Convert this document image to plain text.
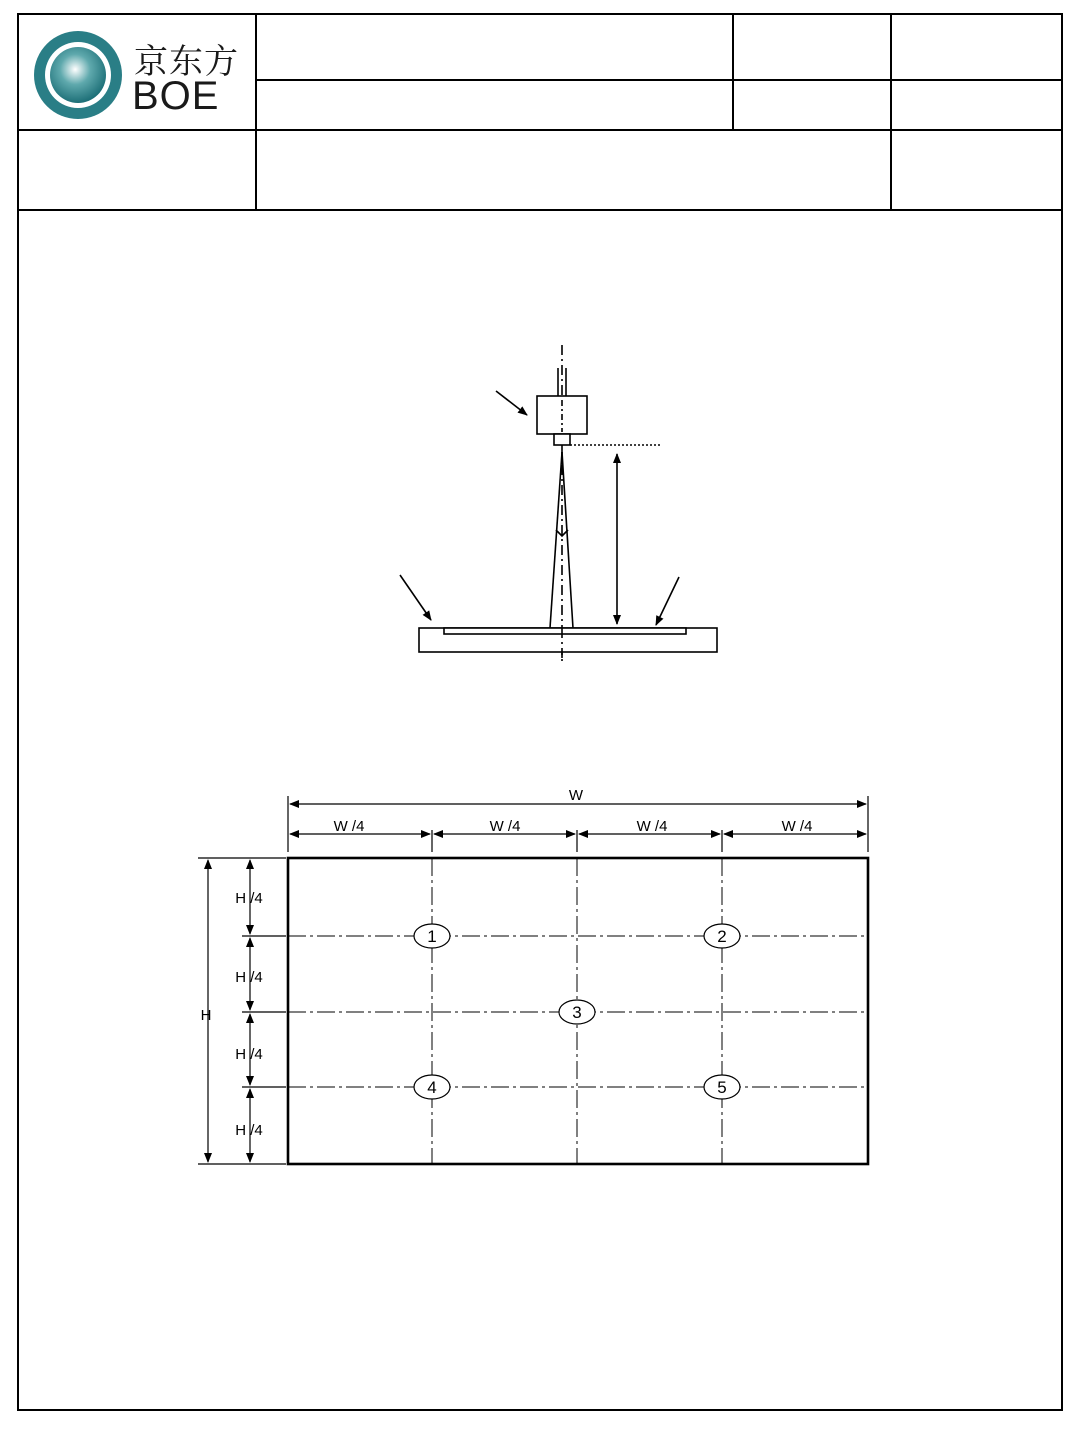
京东方
BOE
W
W /4	W /4	W /4	W /4
H
H /4
H /4
H /4
H /4
1	2
3
4	5
